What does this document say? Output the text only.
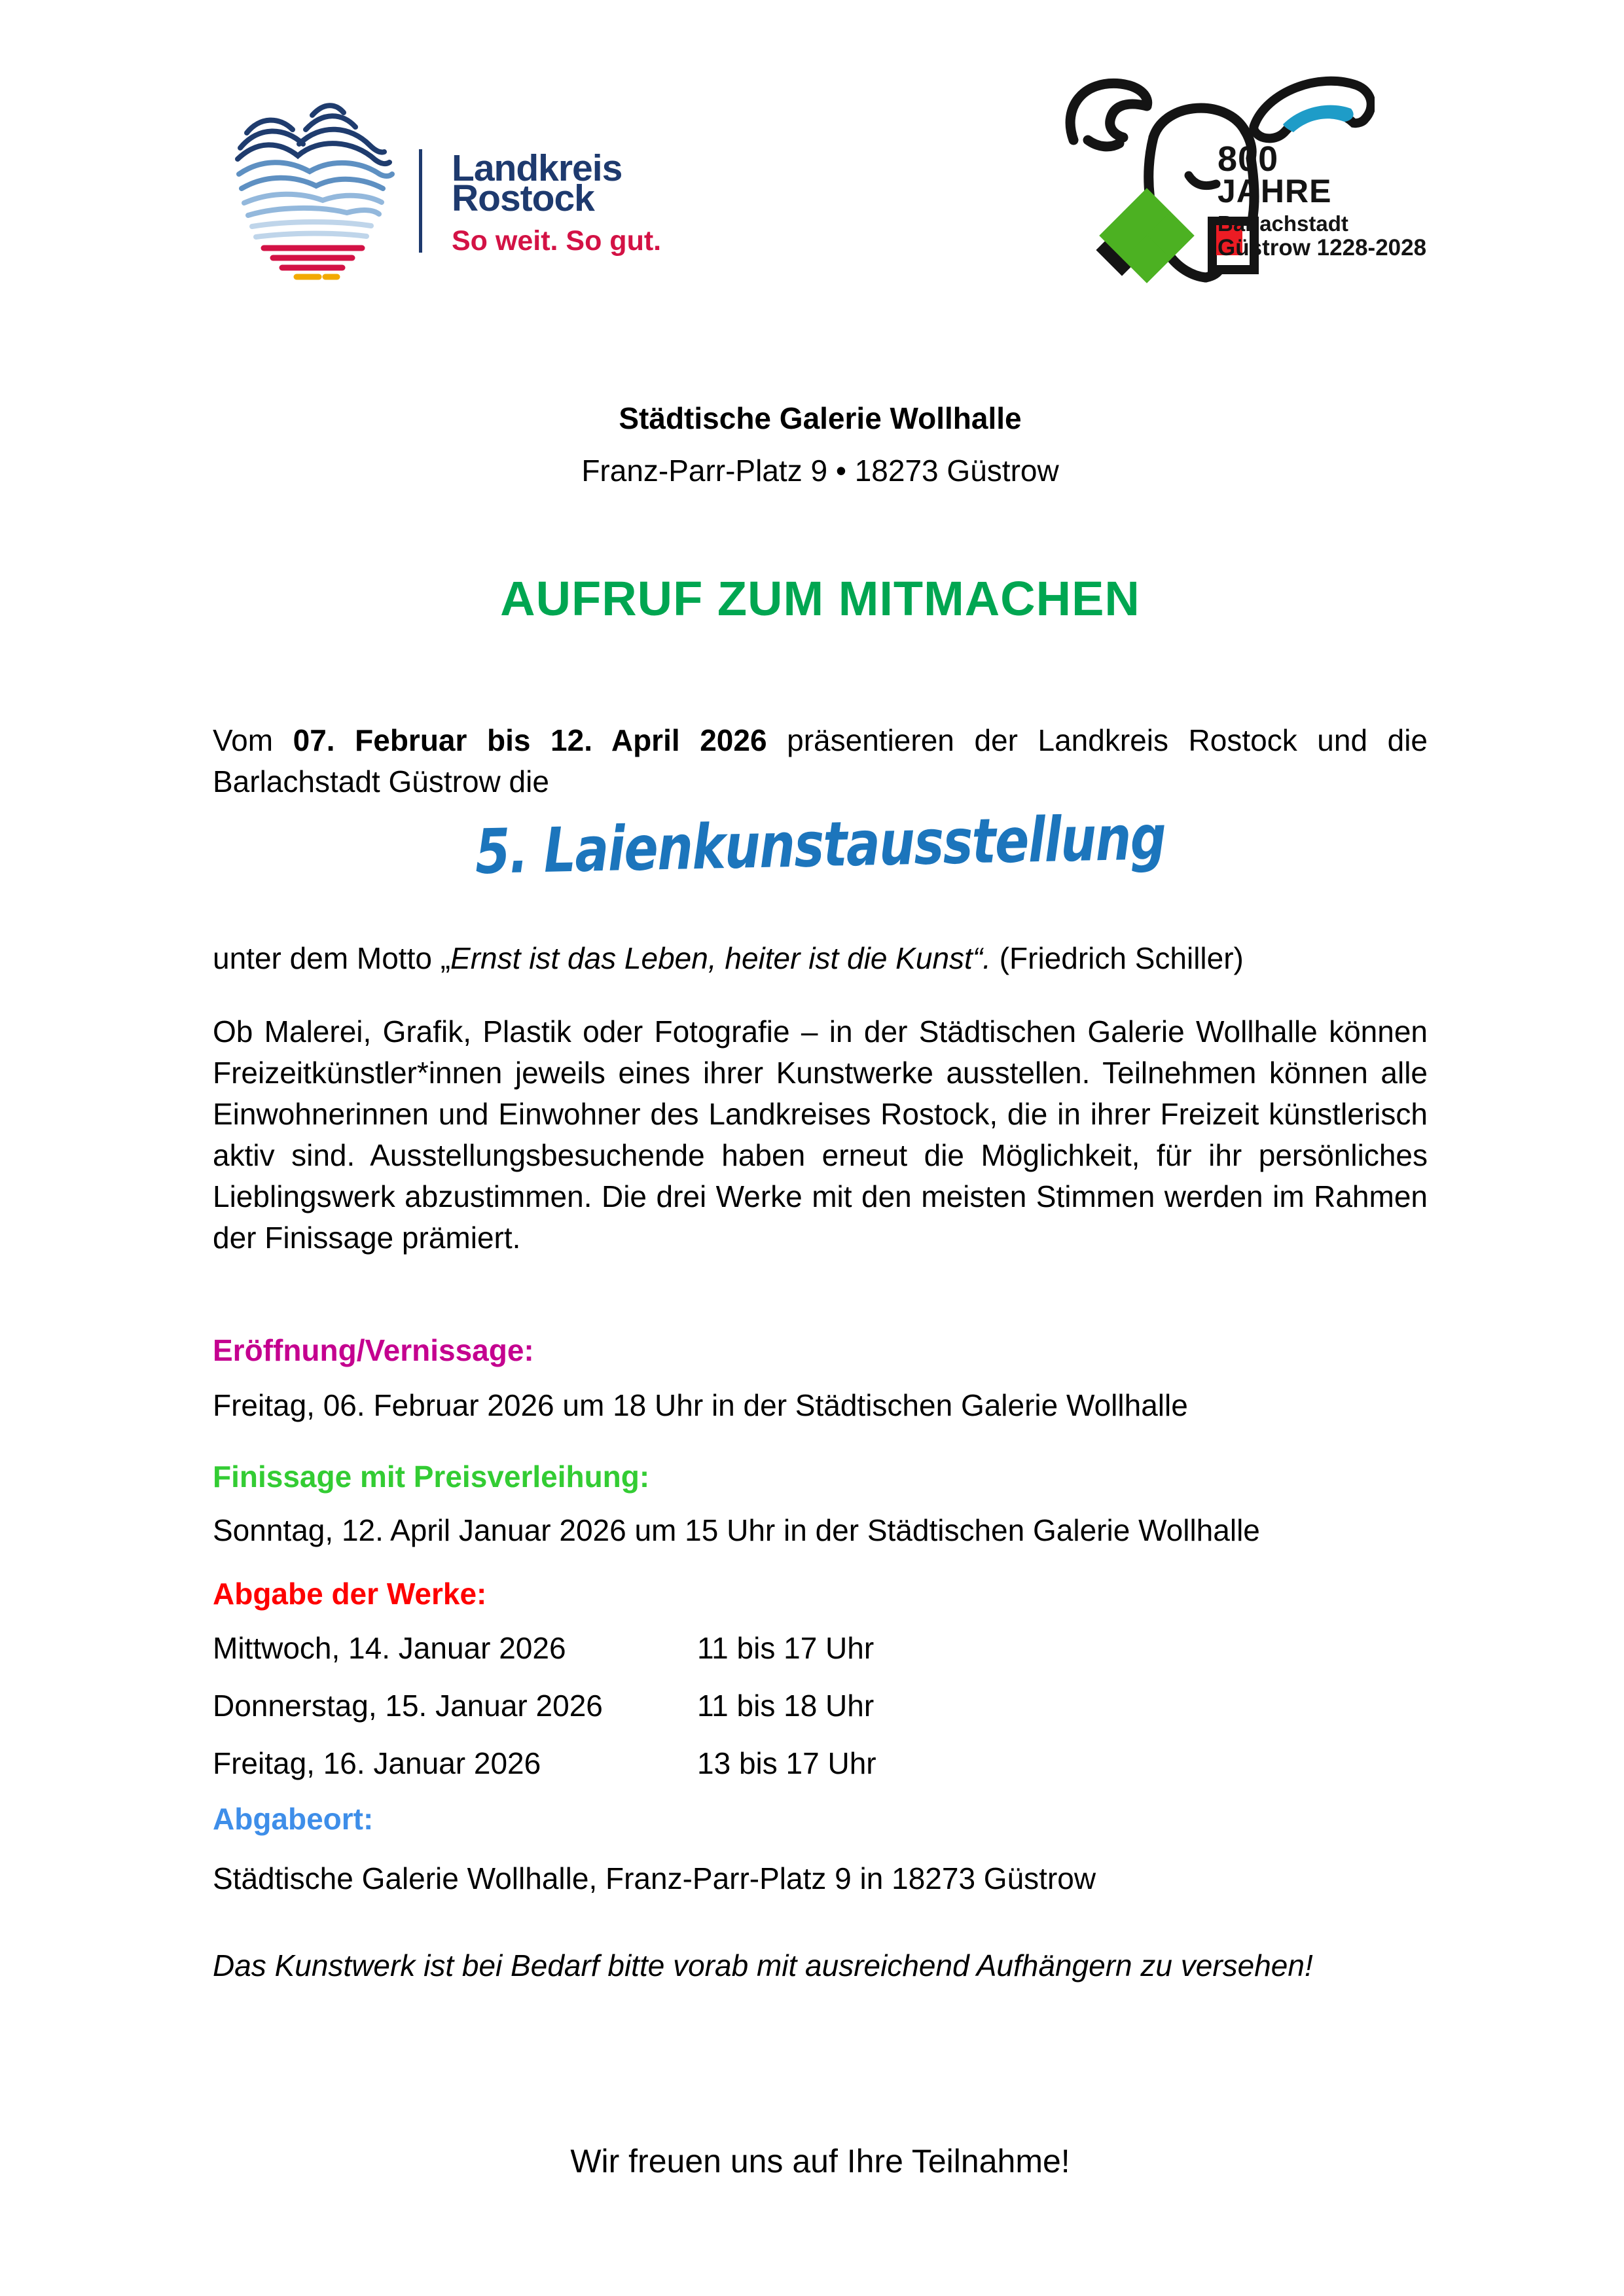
Landkreis
Rostock
So weit. So gut.
800
JAHRE
Barlachstadt
Güstrow 1228-2028
Städtische Galerie Wollhalle
Franz-Parr-Platz 9 • 18273 Güstrow
AUFRUF ZUM MITMACHEN
Vom 07. Februar bis 12. April 2026 präsentieren der Landkreis Rostock und die
Barlachstadt Güstrow die
5. Laienkunstausstellung
unter dem Motto „Ernst ist das Leben, heiter ist die Kunst“. (Friedrich Schiller)
Ob Malerei, Grafik, Plastik oder Fotografie – in der Städtischen Galerie Wollhalle können
Freizeitkünstler*innen jeweils eines ihrer Kunstwerke ausstellen. Teilnehmen können alle
Einwohnerinnen und Einwohner des Landkreises Rostock, die in ihrer Freizeit künstlerisch
aktiv sind. Ausstellungsbesuchende haben erneut die Möglichkeit, für ihr persönliches
Lieblingswerk abzustimmen. Die drei Werke mit den meisten Stimmen werden im Rahmen
der Finissage prämiert.
Eröffnung/Vernissage:
Freitag, 06. Februar 2026 um 18 Uhr in der Städtischen Galerie Wollhalle
Finissage mit Preisverleihung:
Sonntag, 12. April Januar 2026 um 15 Uhr in der Städtischen Galerie Wollhalle
Abgabe der Werke:
Mittwoch, 14. Januar 2026	11 bis 17 Uhr
Donnerstag, 15. Januar 2026	11 bis 18 Uhr
Freitag, 16. Januar 2026	13 bis 17 Uhr
Abgabeort:
Städtische Galerie Wollhalle, Franz-Parr-Platz 9 in 18273 Güstrow
Das Kunstwerk ist bei Bedarf bitte vorab mit ausreichend Aufhängern zu versehen!
Wir freuen uns auf Ihre Teilnahme!
